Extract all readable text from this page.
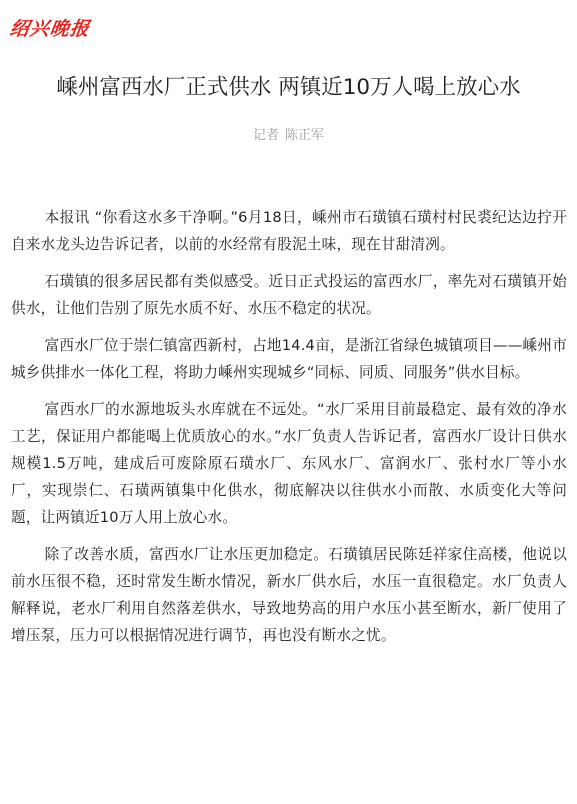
绍兴晚报
嵊州富西水厂正式供水 两镇近10万人喝上放心水
记者 陈正军

本报讯 “你看这水多干净啊。”6月18日，嵊州市石璜镇石璜村村民裘纪达边拧开自来水龙头边告诉记者，以前的水经常有股泥土味，现在甘甜清冽。

石璜镇的很多居民都有类似感受。近日正式投运的富西水厂，率先对石璜镇开始供水，让他们告别了原先水质不好、水压不稳定的状况。

富西水厂位于崇仁镇富西新村，占地14.4亩，是浙江省绿色城镇项目——嵊州市城乡供排水一体化工程，将助力嵊州实现城乡“同标、同质、同服务”供水目标。

富西水厂的水源地坂头水库就在不远处。“水厂采用目前最稳定、最有效的净水工艺，保证用户都能喝上优质放心的水。”水厂负责人告诉记者，富西水厂设计日供水规模1.5万吨，建成后可废除原石璜水厂、东风水厂、富润水厂、张村水厂等小水厂，实现崇仁、石璜两镇集中化供水，彻底解决以往供水小而散、水质变化大等问题，让两镇近10万人用上放心水。

除了改善水质，富西水厂让水压更加稳定。石璜镇居民陈廷祥家住高楼，他说以前水压很不稳，还时常发生断水情况，新水厂供水后，水压一直很稳定。水厂负责人解释说，老水厂利用自然落差供水，导致地势高的用户水压小甚至断水，新厂使用了增压泵，压力可以根据情况进行调节，再也没有断水之忧。
